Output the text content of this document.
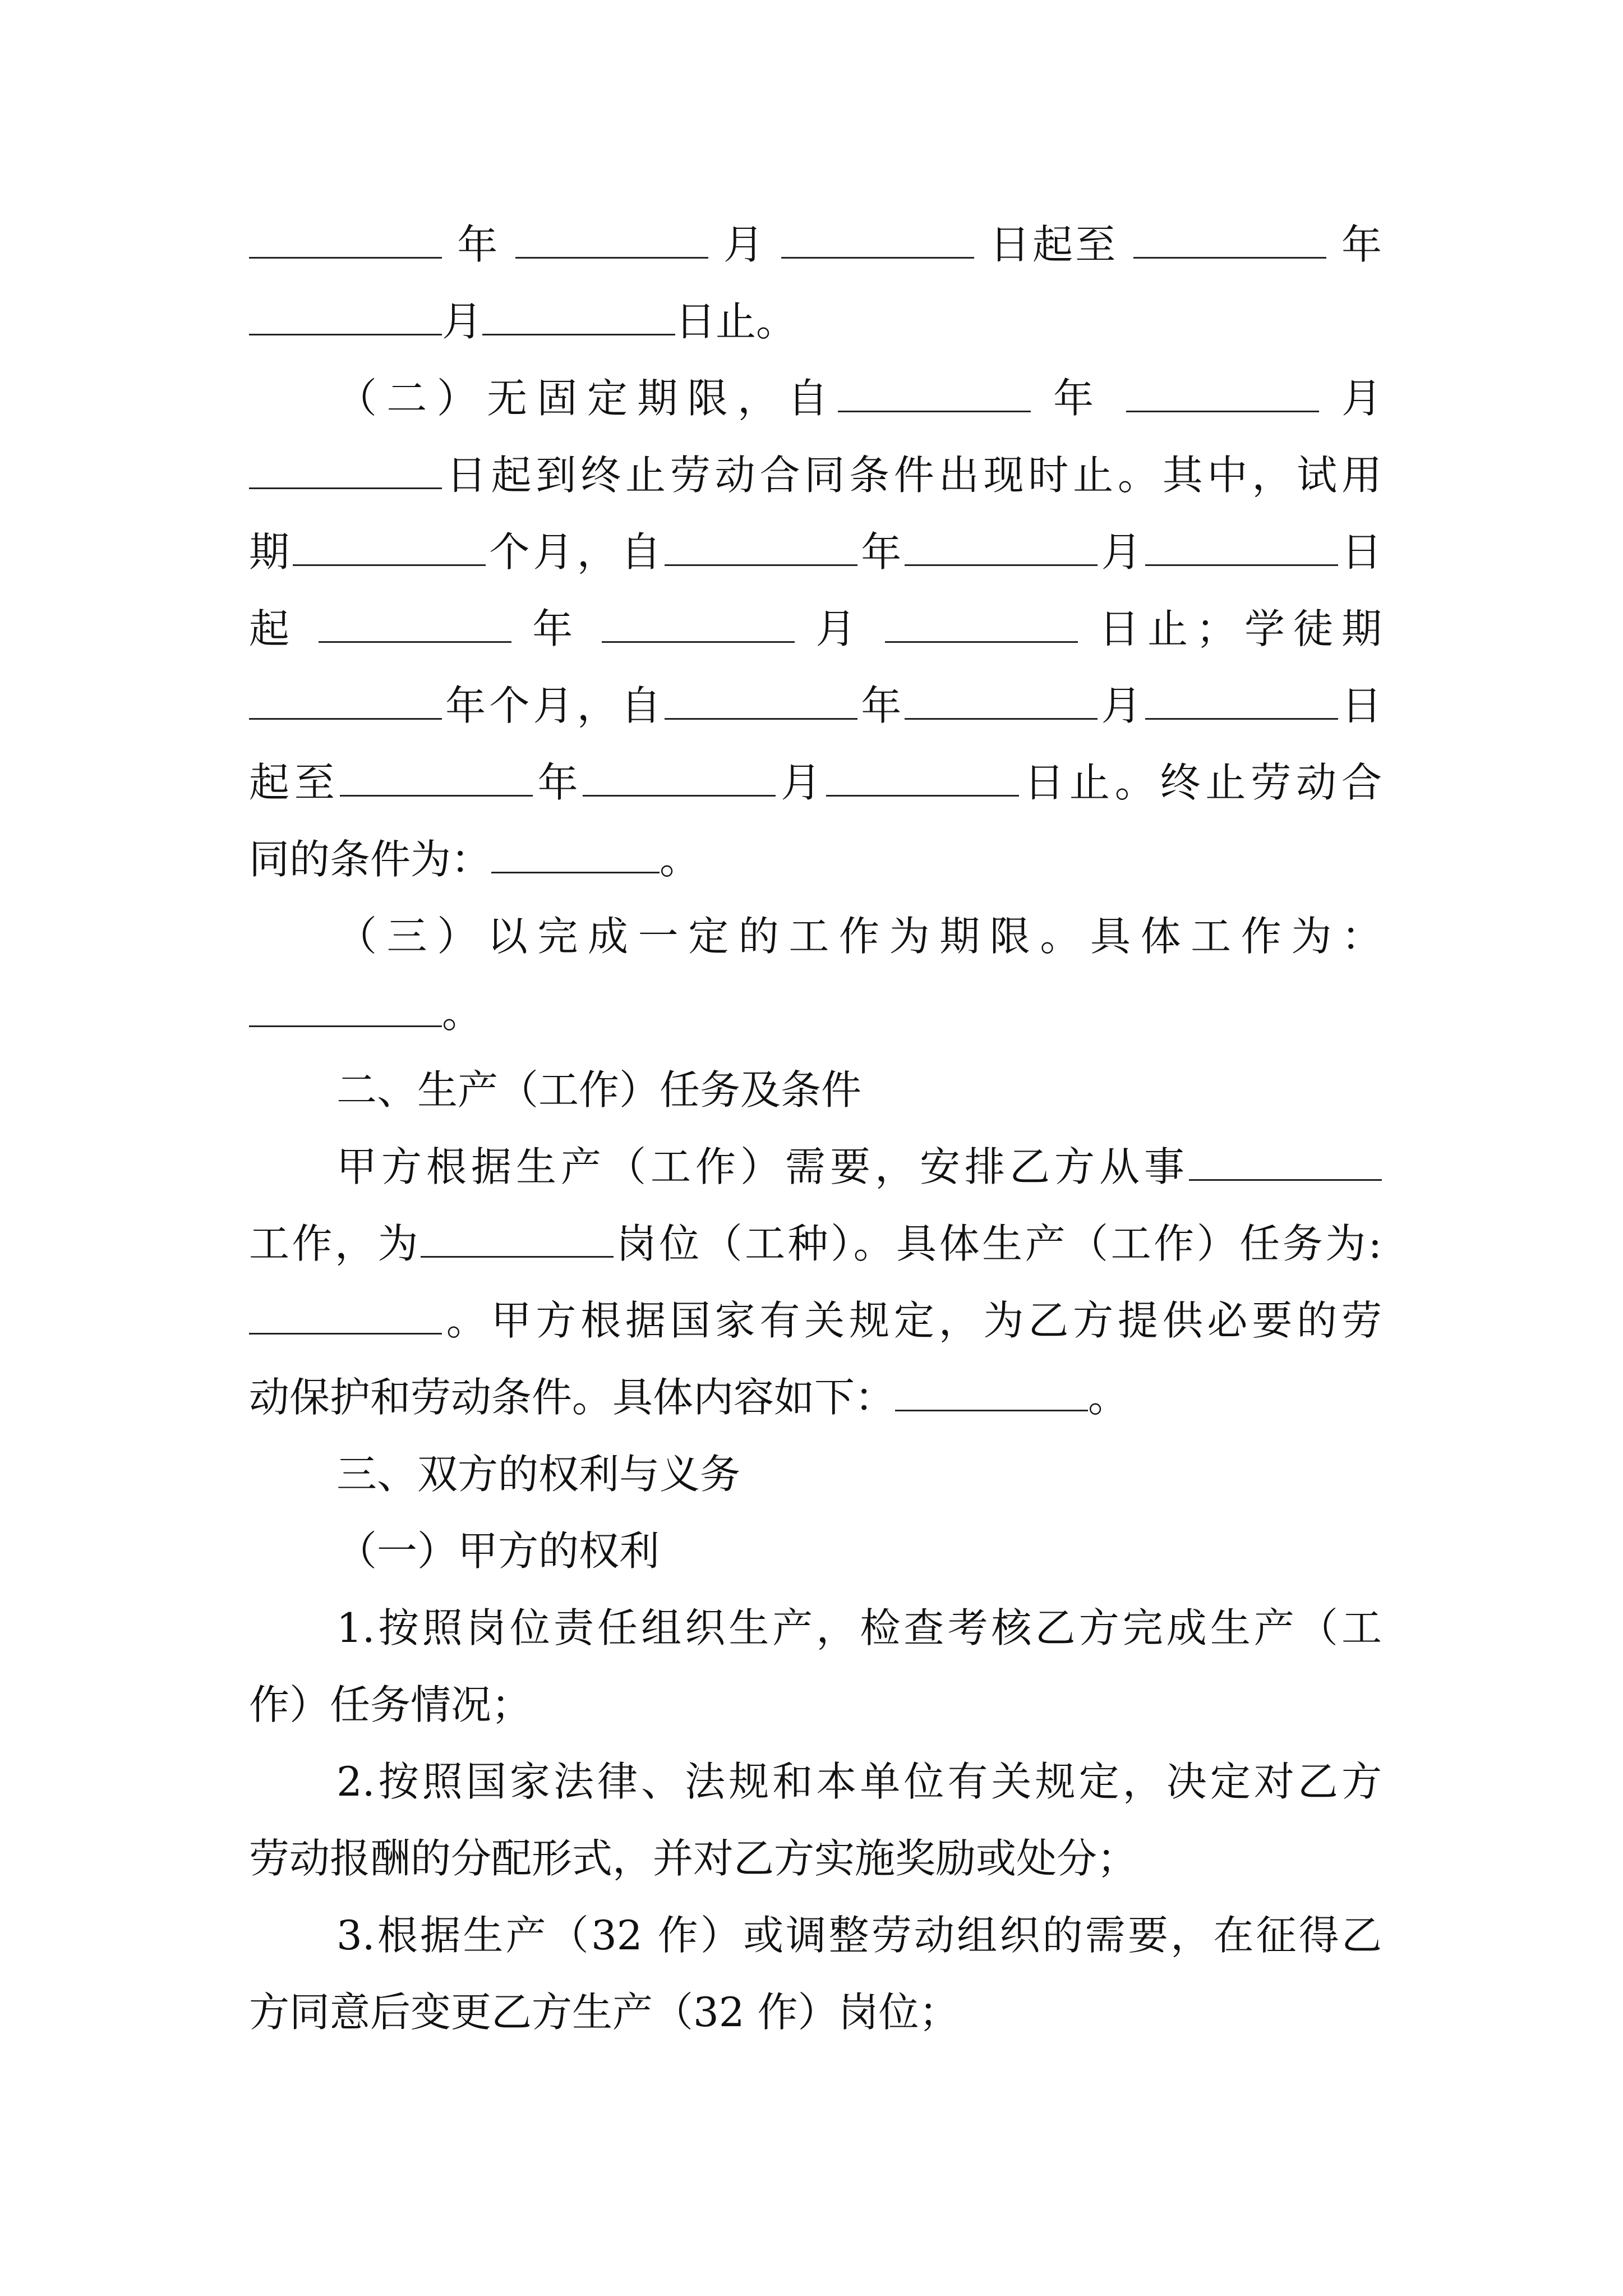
年	月	日起至	年
月	日止。
（二）无固定期限，自	年	月
日起到终止劳动合同条件出现时止。其中，试用
期	个月，自	年	月	日
起	年	月	日止；学徒期
年个月，自	年	月	日
起至	年	月	日止。终止劳动合
同的条件为：	。
（三）以完成一定的工作为期限。具体工作为：
。
二、生产（工作）任务及条件
甲方根据生产（工作）需要，安排乙方从事
工作，为	岗位（工种）。具体生产（工作）任务为:
。甲方根据国家有关规定，为乙方提供必要的劳
动保护和劳动条件。具体内容如下：	。
三、双方的权利与义务
（一）甲方的权利
1.按照岗位责任组织生产，检查考核乙方完成生产（工
作）任务情况；
2.按照国家法律、法规和本单位有关规定，决定对乙方
劳动报酬的分配形式，并对乙方实施奖励或处分；
3.根据生产（32 作）或调整劳动组织的需要，在征得乙
方同意后变更乙方生产（32 作）岗位；
